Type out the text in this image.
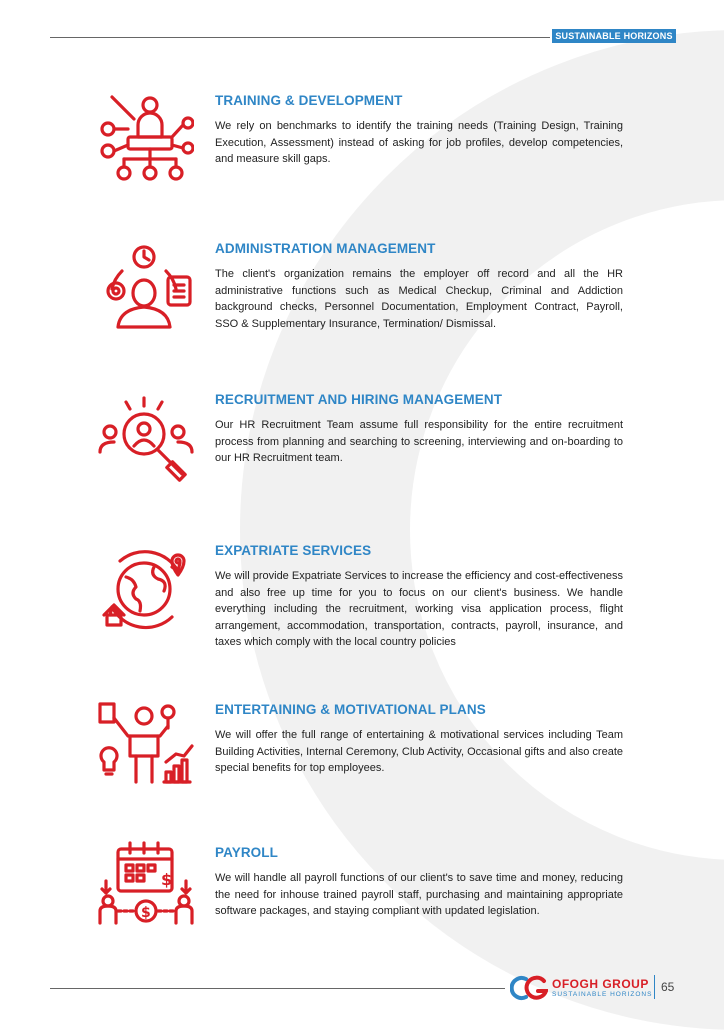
SUSTAINABLE HORIZONS
TRAINING & DEVELOPMENT

We rely on benchmarks to identify the training needs (Training Design, Training Execution, Assessment) instead of asking for job profiles, develop competencies, and measure skill gaps.

ADMINISTRATION MANAGEMENT

The client's organization remains the employer off record and all the HR administrative functions such as Medical Checkup, Criminal and Addiction background checks, Personnel Documentation, Employment Contract, Payroll, SSO & Supplementary Insurance, Termination/ Dismissal.

RECRUITMENT AND HIRING MANAGEMENT

Our HR Recruitment Team assume full responsibility for the entire recruitment process from planning and searching to screening, interviewing and on-boarding to our HR Recruitment team.

EXPATRIATE SERVICES

We will provide Expatriate Services to increase the efficiency and cost-effectiveness and also free up time for you to focus on our client's business. We handle everything including the recruitment, working visa application process, flight arrangement, accommodation, transportation, contracts, payroll, insurance, and taxes which comply with the local country policies

ENTERTAINING & MOTIVATIONAL PLANS

We will offer the full range of entertaining & motivational services including Team Building Activities, Internal Ceremony, Club Activity, Occasional gifts and also create special benefits for top employees.

$
$
PAYROLL

We will handle all payroll functions of our client's to save time and money, reducing the need for inhouse trained payroll staff, purchasing and maintaining appropriate software packages, and staying compliant with updated legislation.

OFOGH GROUP
SUSTAINABLE HORIZONS
65
